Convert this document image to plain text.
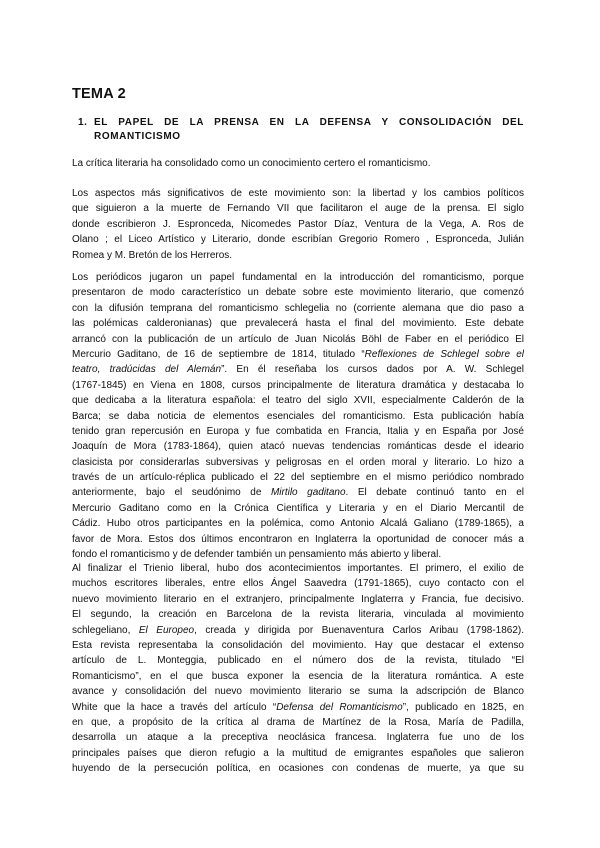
TEMA 2
1. EL PAPEL DE LA PRENSA EN LA DEFENSA Y CONSOLIDACIÓN DEL ROMANTICISMO
La crítica literaria ha consolidado como un conocimiento certero el romanticismo.
Los aspectos más significativos de este movimiento son: la libertad y los cambios políticos
que siguieron a la muerte de Fernando VII que facilitaron el auge de la prensa. El siglo
donde escribieron J. Espronceda, Nicomedes Pastor Díaz, Ventura de la Vega, A. Ros de
Olano ; el Liceo Artístico y Literario, donde escribían Gregorio Romero , Espronceda, Julián
Romea y M. Bretón de los Herreros.
Los periódicos jugaron un papel fundamental en la introducción del romanticismo, porque
presentaron de modo característico un debate sobre este movimiento literario, que comenzó
con la difusión temprana del romanticismo schlegelia no (corriente alemana que dio paso a
las polémicas calderonianas) que prevalecerá hasta el final del movimiento. Este debate
arrancó con la publicación de un artículo de Juan Nicolás Böhl de Faber en el periódico El
Mercurio Gaditano, de 16 de septiembre de 1814, titulado “Reflexiones de Schlegel sobre el
teatro, tradúcidas del Alemán”. En él reseñaba los cursos dados por A. W. Schlegel
(1767-1845) en Viena en 1808, cursos principalmente de literatura dramática y destacaba lo
que dedicaba a la literatura española: el teatro del siglo XVII, especialmente Calderón de la
Barca; se daba noticia de elementos esenciales del romanticismo. Esta publicación había
tenido gran repercusión en Europa y fue combatida en Francia, Italia y en España por José
Joaquín de Mora (1783-1864), quien atacó nuevas tendencias románticas desde el ideario
clasicista por considerarlas subversivas y peligrosas en el orden moral y literario. Lo hizo a
través de un artículo-réplica publicado el 22 del septiembre en el mismo periódico nombrado
anteriormente, bajo el seudónimo de Mirtilo gaditano. El debate continuó tanto en el
Mercurio Gaditano como en la Crónica Científica y Literaria y en el Diario Mercantil de
Cádiz. Hubo otros participantes en la polémica, como Antonio Alcalá Galiano (1789-1865), a
favor de Mora. Estos dos últimos encontraron en Inglaterra la oportunidad de conocer más a
fondo el romanticismo y de defender también un pensamiento más abierto y liberal.
Al finalizar el Trienio liberal, hubo dos acontecimientos importantes. El primero, el exilio de
muchos escritores liberales, entre ellos Ángel Saavedra (1791-1865), cuyo contacto con el
nuevo movimiento literario en el extranjero, principalmente Inglaterra y Francia, fue decisivo.
El segundo, la creación en Barcelona de la revista literaria, vinculada al movimiento
schlegeliano, El Europeo, creada y dirigida por Buenaventura Carlos Aribau (1798-1862).
Esta revista representaba la consolidación del movimiento. Hay que destacar el extenso
artículo de L. Monteggia, publicado en el número dos de la revista, titulado “El
Romanticismo”, en el que busca exponer la esencia de la literatura romántica. A este
avance y consolidación del nuevo movimiento literario se suma la adscripción de Blanco
White que la hace a través del artículo “Defensa del Romanticismo”, publicado en 1825, en
en que, a propósito de la crítica al drama de Martínez de la Rosa, María de Padilla,
desarrolla un ataque a la preceptiva neoclásica francesa. Inglaterra fue uno de los
principales países que dieron refugio a la multitud de emigrantes españoles que salieron
huyendo de la persecución política, en ocasiones con condenas de muerte, ya que su
